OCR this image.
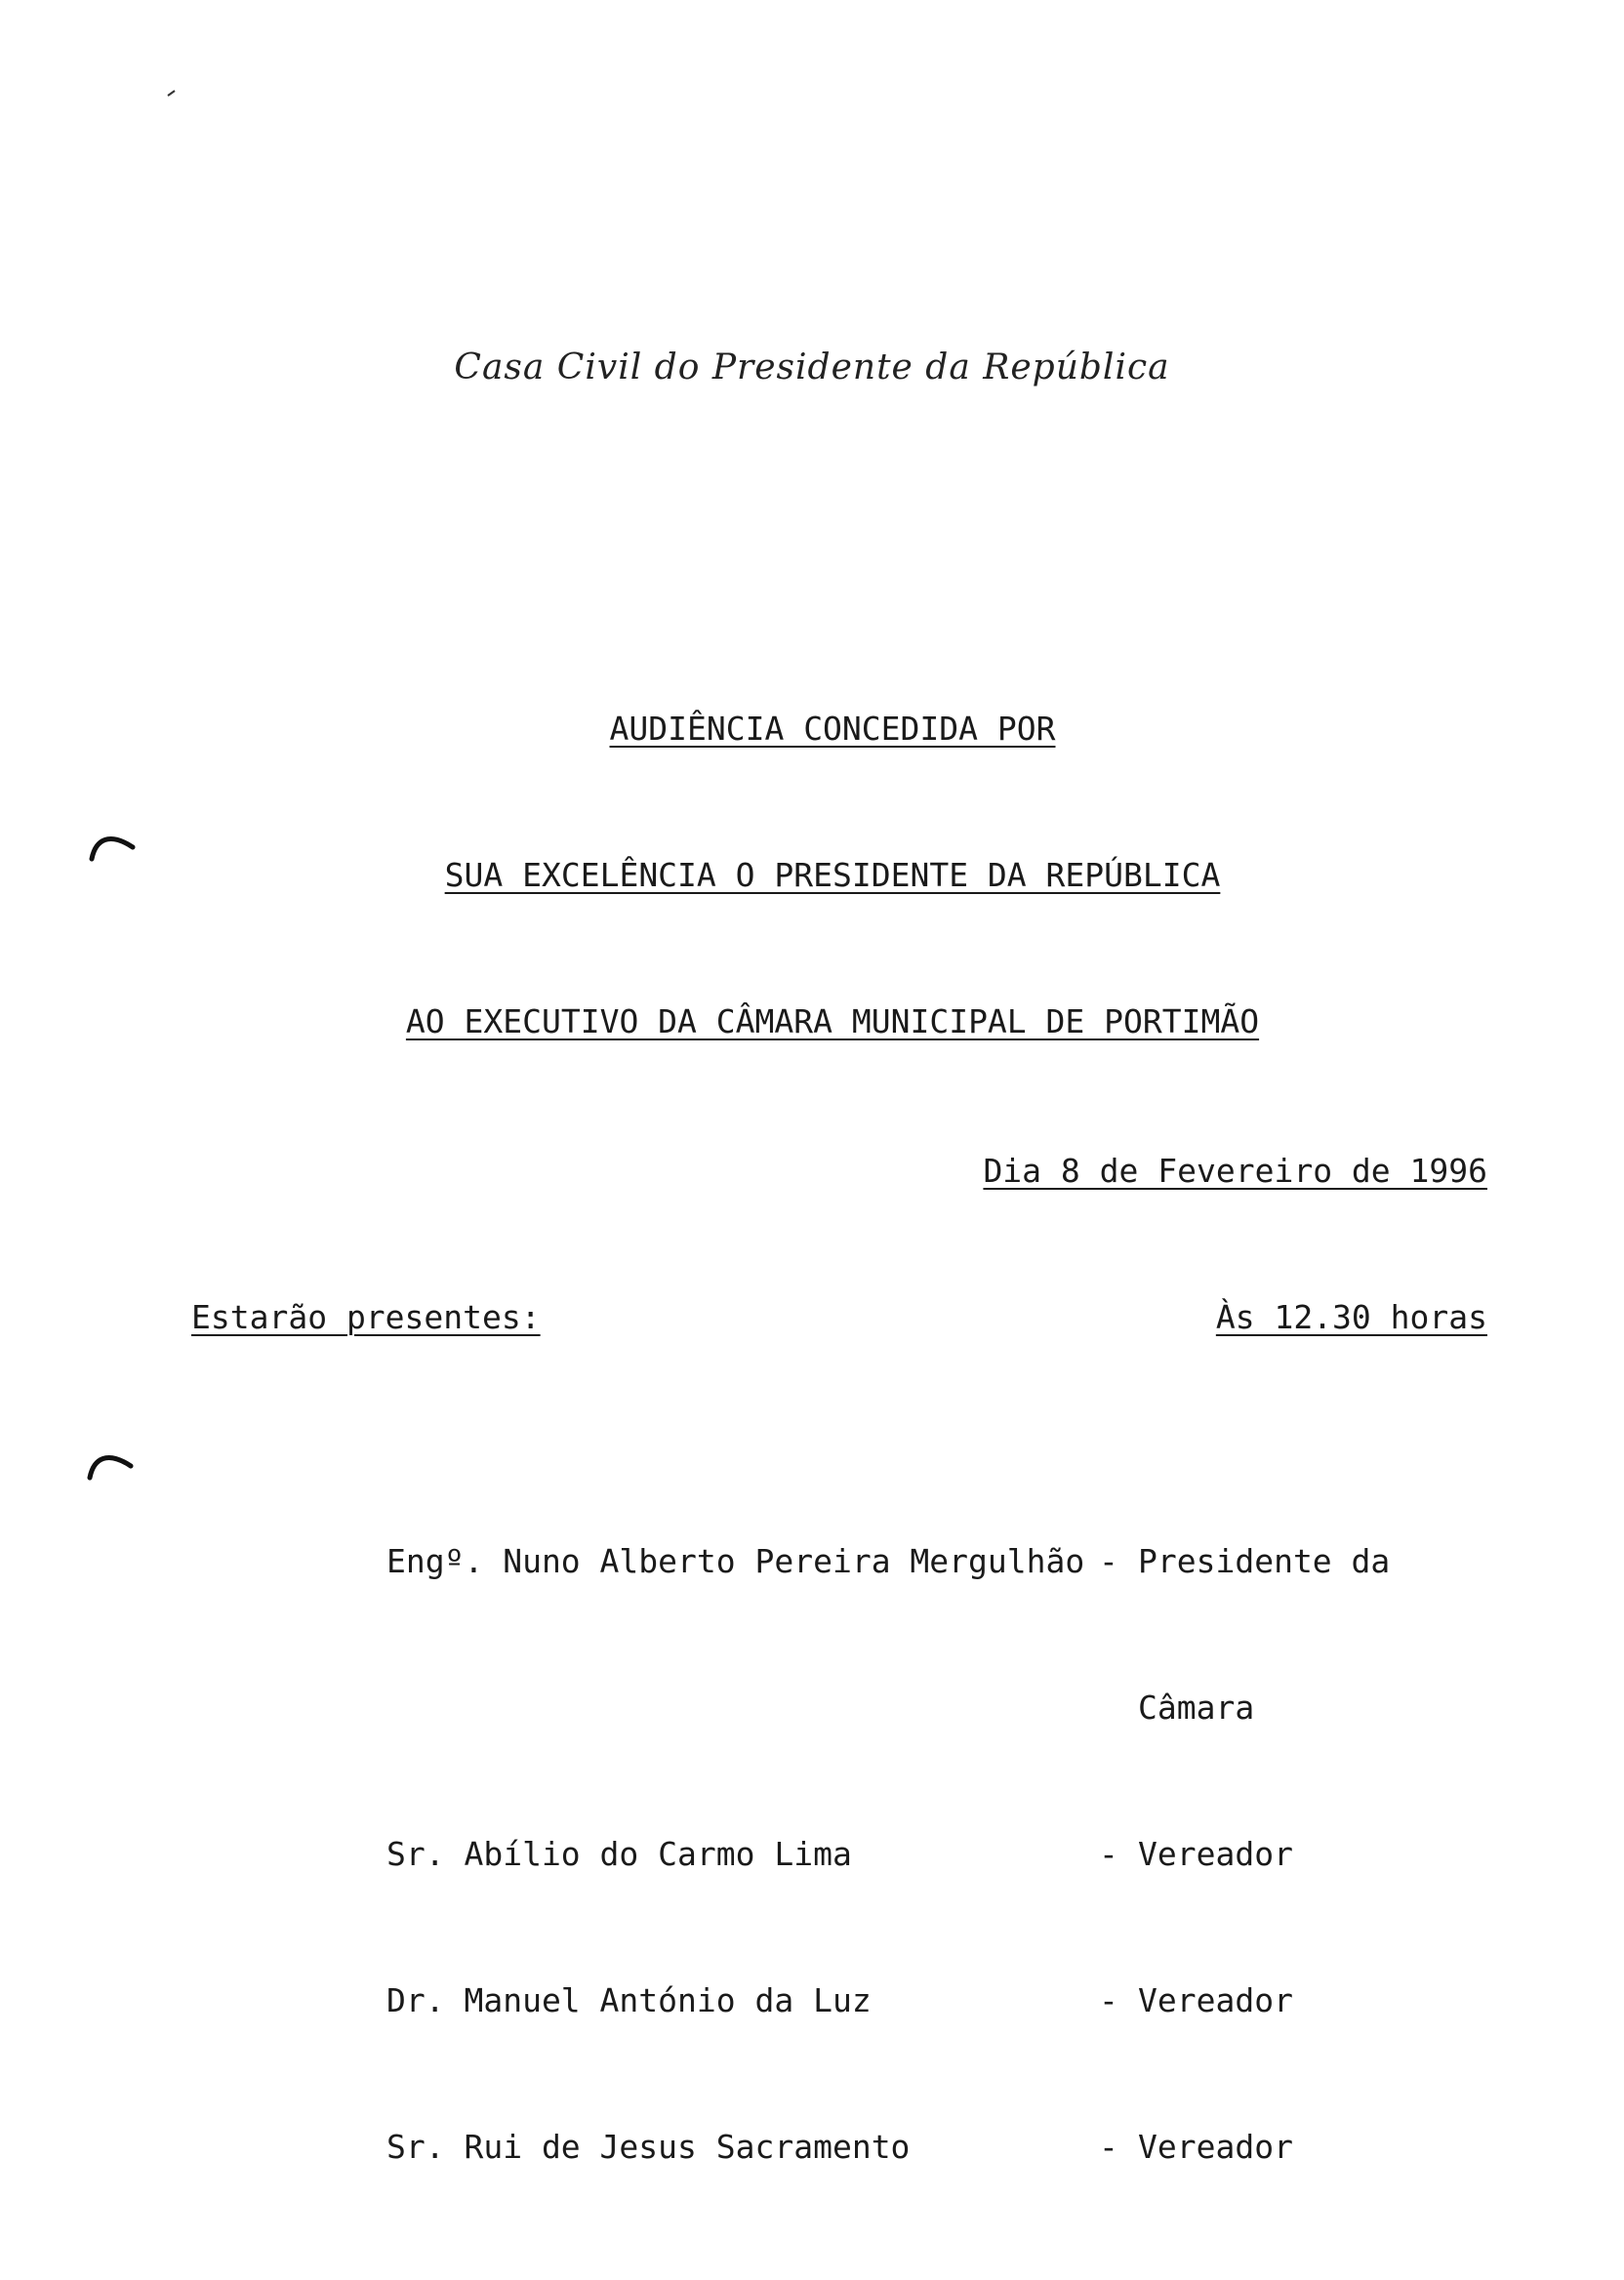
Casa Civil do Presidente da República

AUDIÊNCIA CONCEDIDA POR

SUA EXCELÊNCIA O PRESIDENTE DA REPÚBLICA

AO EXECUTIVO DA CÂMARA MUNICIPAL DE PORTIMÃO

Dia 8 de Fevereiro de 1996

Às 12.30 horas

Estarão presentes:

Engº. Nuno Alberto Pereira Mergulhão - Presidente da

Câmara

Sr. Abílio do Carmo Lima	- Vereador

Dr. Manuel António da Luz	- Vereador

Sr. Rui de Jesus Sacramento	- Vereador
